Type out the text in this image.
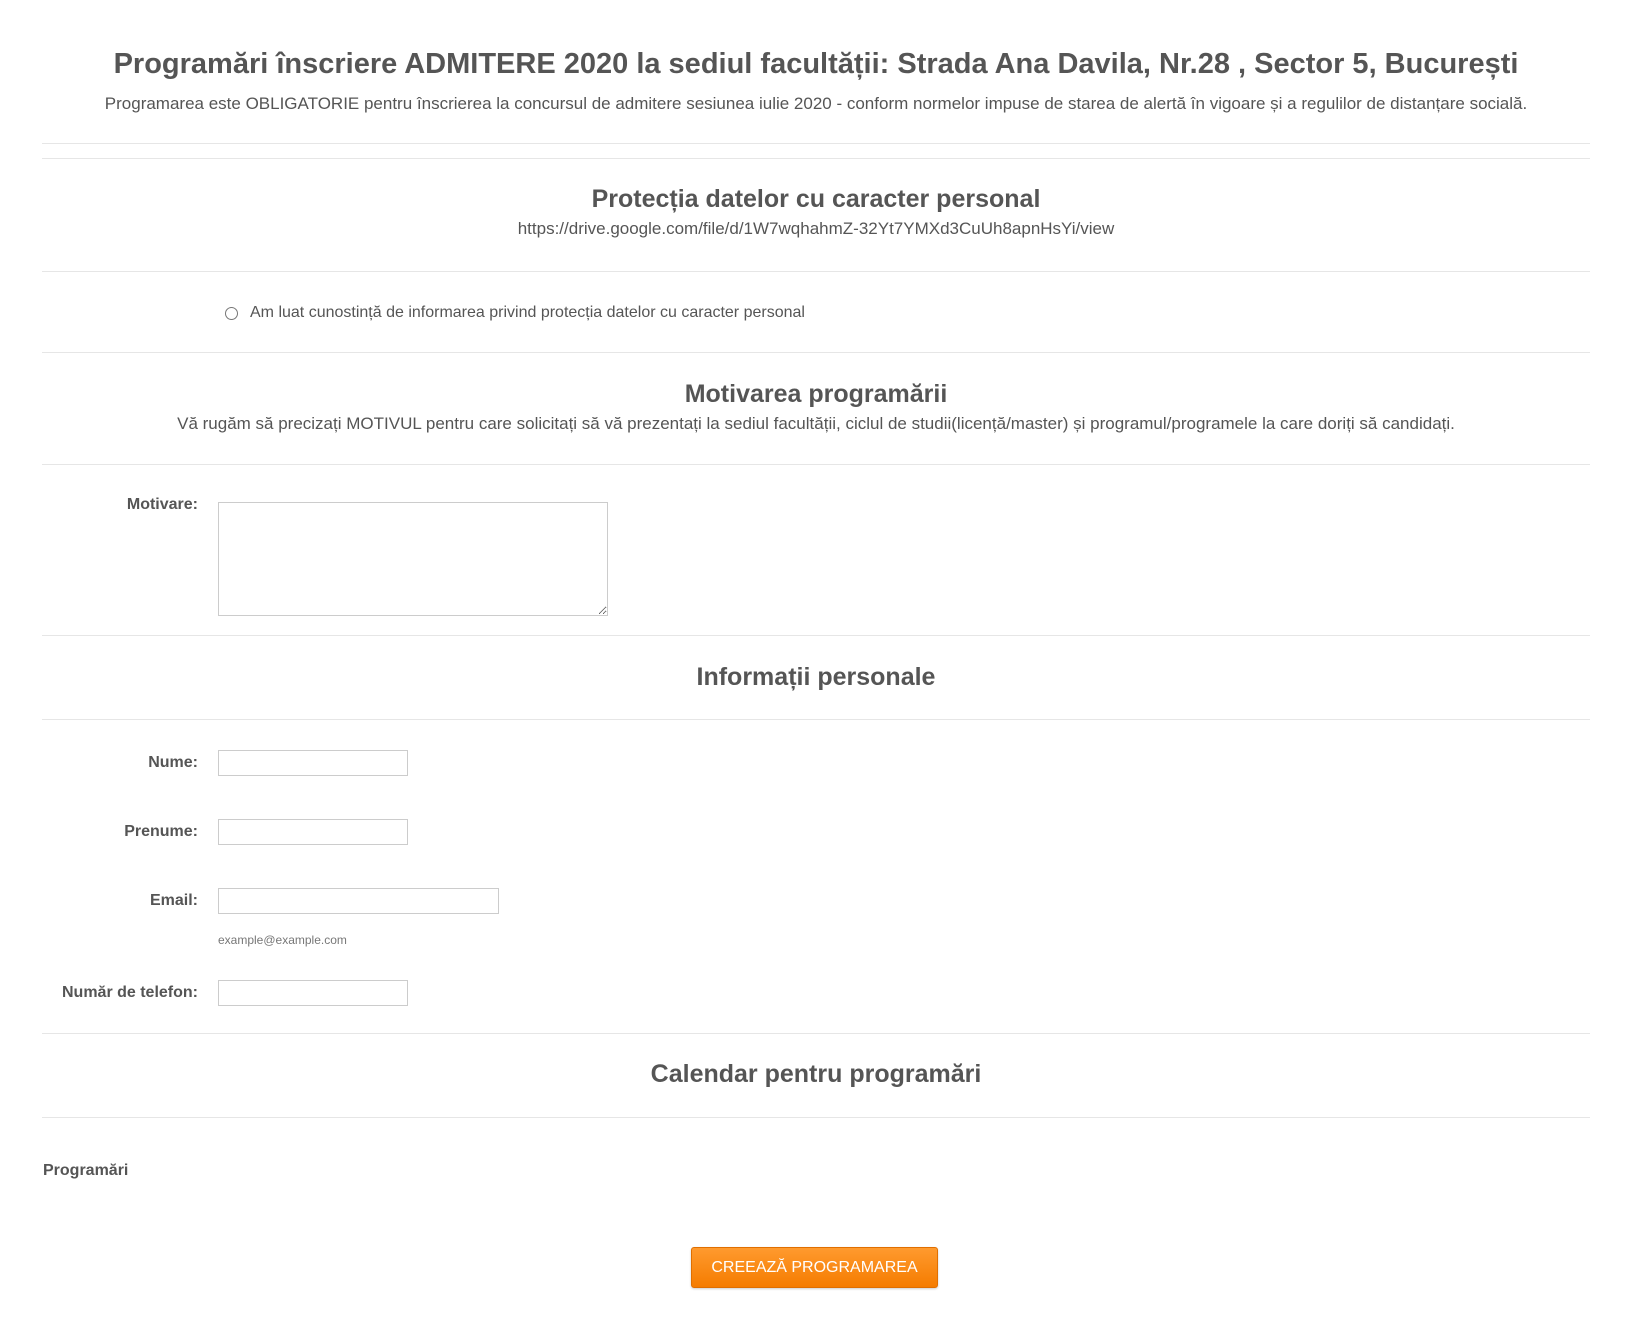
Programări înscriere ADMITERE 2020 la sediul facultății: Strada Ana Davila, Nr.28 , Sector 5, București

Programarea este OBLIGATORIE pentru înscrierea la concursul de admitere sesiunea iulie 2020 - conform normelor impuse de starea de alertă în vigoare și a regulilor de distanțare socială.

Protecția datelor cu caracter personal

https://drive.google.com/file/d/1W7wqhahmZ-32Yt7YMXd3CuUh8apnHsYi/view

Am luat cunostință de informarea privind protecția datelor cu caracter personal
Motivarea programării

Vă rugăm să precizați MOTIVUL pentru care solicitați să vă prezentați la sediul facultății, ciclul de studii(licență/master) și programul/programele la care doriți să candidați.

Motivare:
Informații personale
Nume:
Prenume:
Email:
example@example.com
Număr de telefon:
Calendar pentru programări
Programări
CREEAZĂ PROGRAMAREA
